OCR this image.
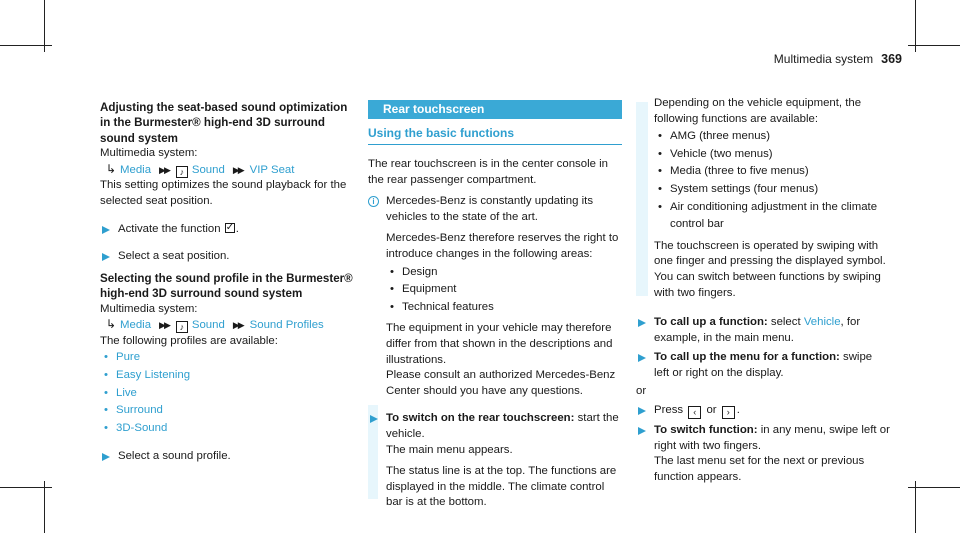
Multimedia system 369
Adjusting the seat-based sound optimization in the Burmester® high-end 3D surround sound system

Multimedia system:

↳ Media ▶▶ ♪ Sound ▶▶ VIP Seat

This setting optimizes the sound playback for the selected seat position.

Activate the function ✓ .
Select a seat position.
Selecting the sound profile in the Burmester® high-end 3D surround sound system

Multimedia system:

↳ Media ▶▶ ♪ Sound ▶▶ Sound Profiles

The following profiles are available:

• Pure
• Easy Listening
• Live
• Surround
• 3D-Sound
Select a sound profile.
Rear touchscreen
Using the basic functions

The rear touchscreen is in the center console in the rear passenger compartment.

i Mercedes-Benz is constantly updating its vehicles to the state of the art.

Mercedes-Benz therefore reserves the right to introduce changes in the following areas:

• Design
• Equipment
• Technical features

The equipment in your vehicle may therefore differ from that shown in the descriptions and illustrations.

Please consult an authorized Mercedes-Benz Center should you have any questions.

To switch on the rear touchscreen: start the vehicle.

The main menu appears.

The status line is at the top. The functions are displayed in the middle. The climate control bar is at the bottom.

Depending on the vehicle equipment, the following functions are available:

• AMG (three menus)
• Vehicle (two menus)
• Media (three to five menus)
• System settings (four menus)
• Air conditioning adjustment in the climate control bar

The touchscreen is operated by swiping with one finger and pressing the displayed symbol. You can switch between functions by swiping with two fingers.

To call up a function: select Vehicle, for example, in the main menu.
To call up the menu for a function: swipe left or right on the display.

or

Press ‹ or › .
To switch function: in any menu, swipe left or right with two fingers.

The last menu set for the next or previous function appears.
